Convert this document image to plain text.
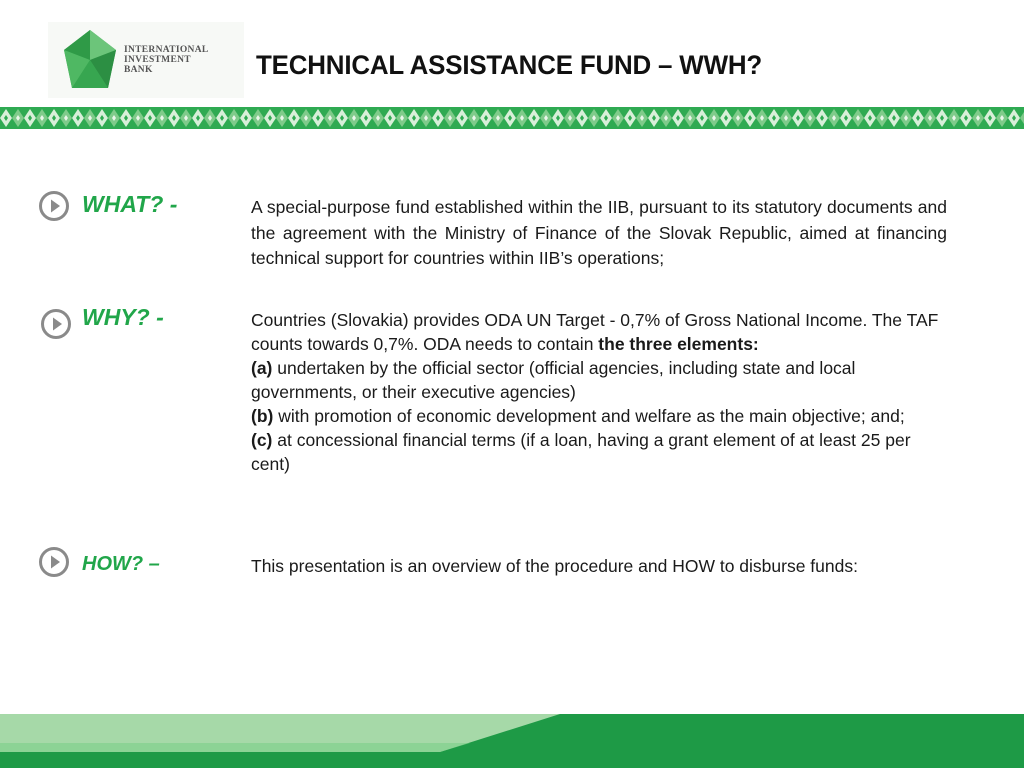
INTERNATIONAL
INVESTMENT
BANK	TECHNICAL ASSISTANCE FUND – WWH?
WHAT? -	A special-purpose fund established within the IIB, pursuant to its statutory documents and the agreement with the Ministry of Finance of the Slovak Republic, aimed at financing technical support for countries within IIB’s operations;
WHY? -	Countries (Slovakia) provides ODA UN Target - 0,7% of Gross National Income. The TAF counts towards 0,7%. ODA needs to contain the three elements:

(a) undertaken by the official sector (official agencies, including state and local governments, or their executive agencies)

(b) with promotion of economic development and welfare as the main objective; and;

(c) at concessional financial terms (if a loan, having a grant element of at least 25 per cent)

HOW? –	This presentation is an overview of the procedure and HOW to disburse funds:
